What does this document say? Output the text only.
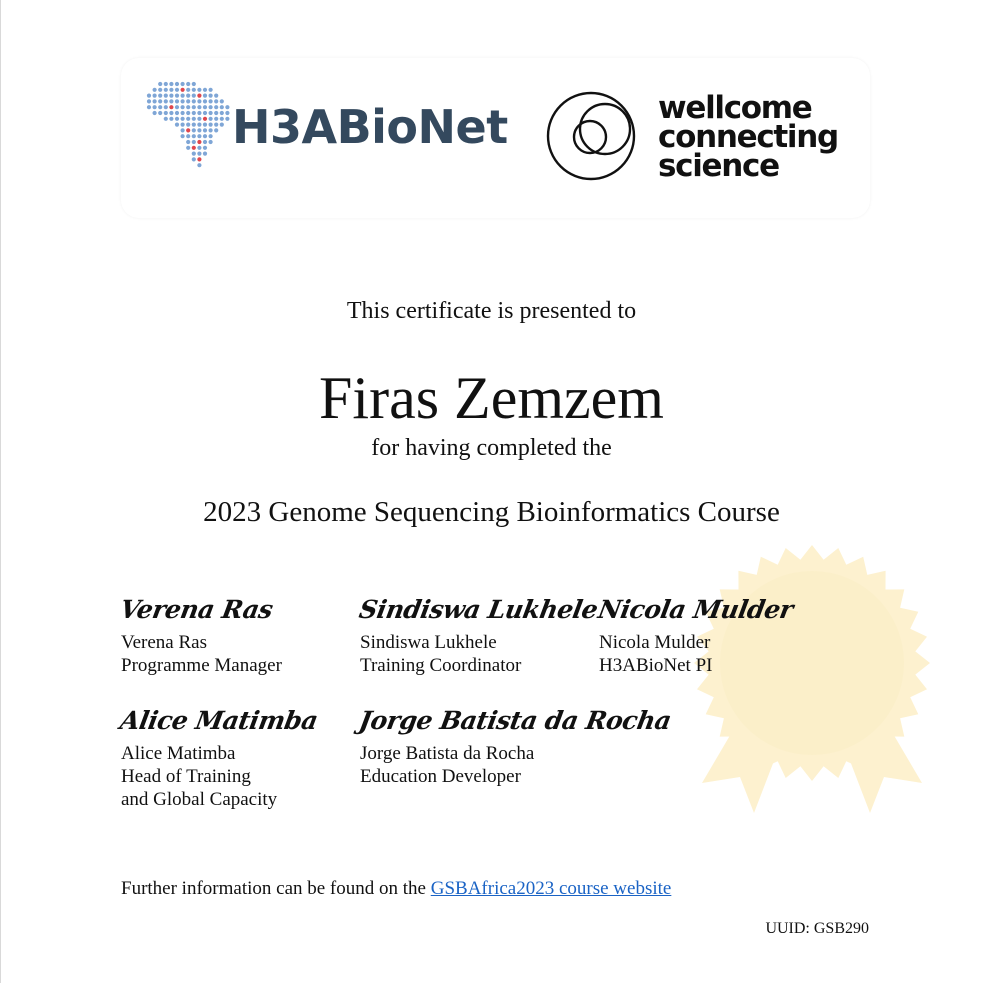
H3ABioNet	wellcome
connecting
science
This certificate is presented to
Firas Zemzem
for having completed the
2023 Genome Sequencing Bioinformatics Course
Verena Ras
Verena Ras
Programme Manager
Sindiswa Lukhele
Sindiswa Lukhele
Training Coordinator
Nicola Mulder
Nicola Mulder
H3ABioNet PI
Alice Matimba
Alice Matimba
Head of Training
and Global Capacity
Jorge Batista da Rocha
Jorge Batista da Rocha
Education Developer
Further information can be found on the GSBAfrica2023 course website
UUID: GSB290
